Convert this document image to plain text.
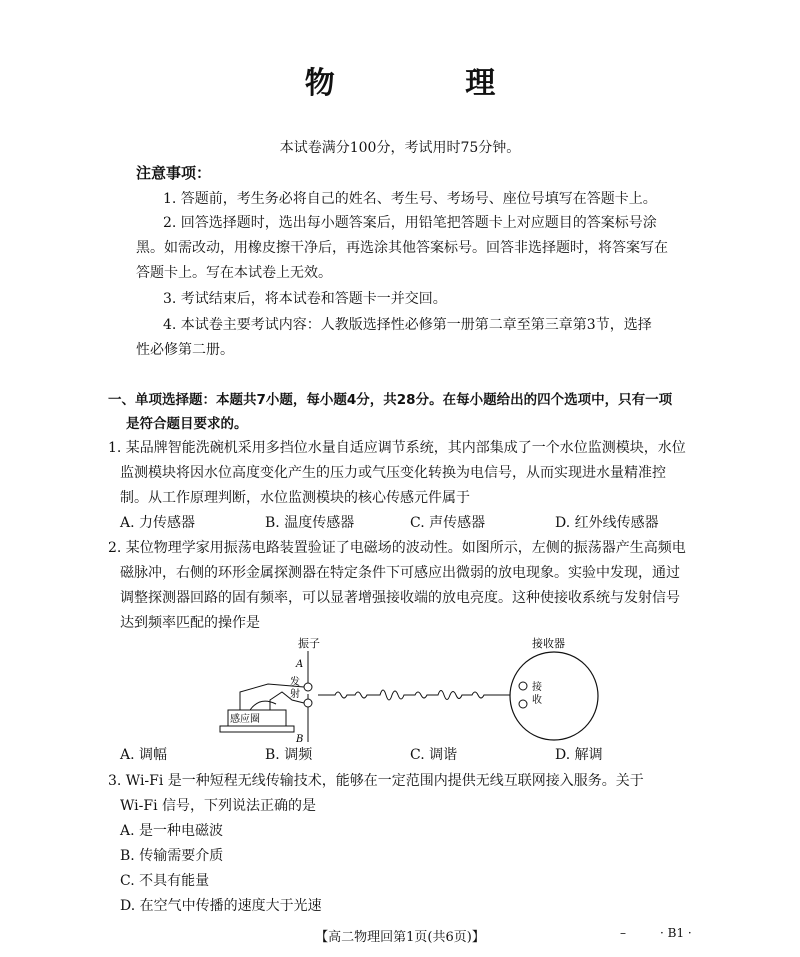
物 理
本试卷满分100分，考试用时75分钟。
注意事项：
1. 答题前，考生务必将自己的姓名、考生号、考场号、座位号填写在答题卡上。
2. 回答选择题时，选出每小题答案后，用铅笔把答题卡上对应题目的答案标号涂
黑。如需改动，用橡皮擦干净后，再选涂其他答案标号。回答非选择题时，将答案写在
答题卡上。写在本试卷上无效。
3. 考试结束后，将本试卷和答题卡一并交回。
4. 本试卷主要考试内容：人教版选择性必修第一册第二章至第三章第3节，选择
性必修第二册。
一、单项选择题：本题共7小题，每小题4分，共28分。在每小题给出的四个选项中，只有一项
是符合题目要求的。
1. 某品牌智能洗碗机采用多挡位水量自适应调节系统，其内部集成了一个水位监测模块，水位
监测模块将因水位高度变化产生的压力或气压变化转换为电信号，从而实现进水量精准控
制。从工作原理判断，水位监测模块的核心传感元件属于
A. 力传感器	B. 温度传感器	C. 声传感器	D. 红外线传感器
2. 某位物理学家用振荡电路装置验证了电磁场的波动性。如图所示，左侧的振荡器产生高频电
磁脉冲，右侧的环形金属探测器在特定条件下可感应出微弱的放电现象。实验中发现，通过
调整探测器回路的固有频率，可以显著增强接收端的放电亮度。这种使接收系统与发射信号
达到频率匹配的操作是
振子
A
B
发
射
感应圈
接收器
接
收
A. 调幅	B. 调频	C. 调谐	D. 解调
3. Wi-Fi 是一种短程无线传输技术，能够在一定范围内提供无线互联网接入服务。关于
Wi-Fi 信号，下列说法正确的是
A. 是一种电磁波
B. 传输需要介质
C. 不具有能量
D. 在空气中传播的速度大于光速
【高二物理回第1页(共6页)】	–	· B1 ·
